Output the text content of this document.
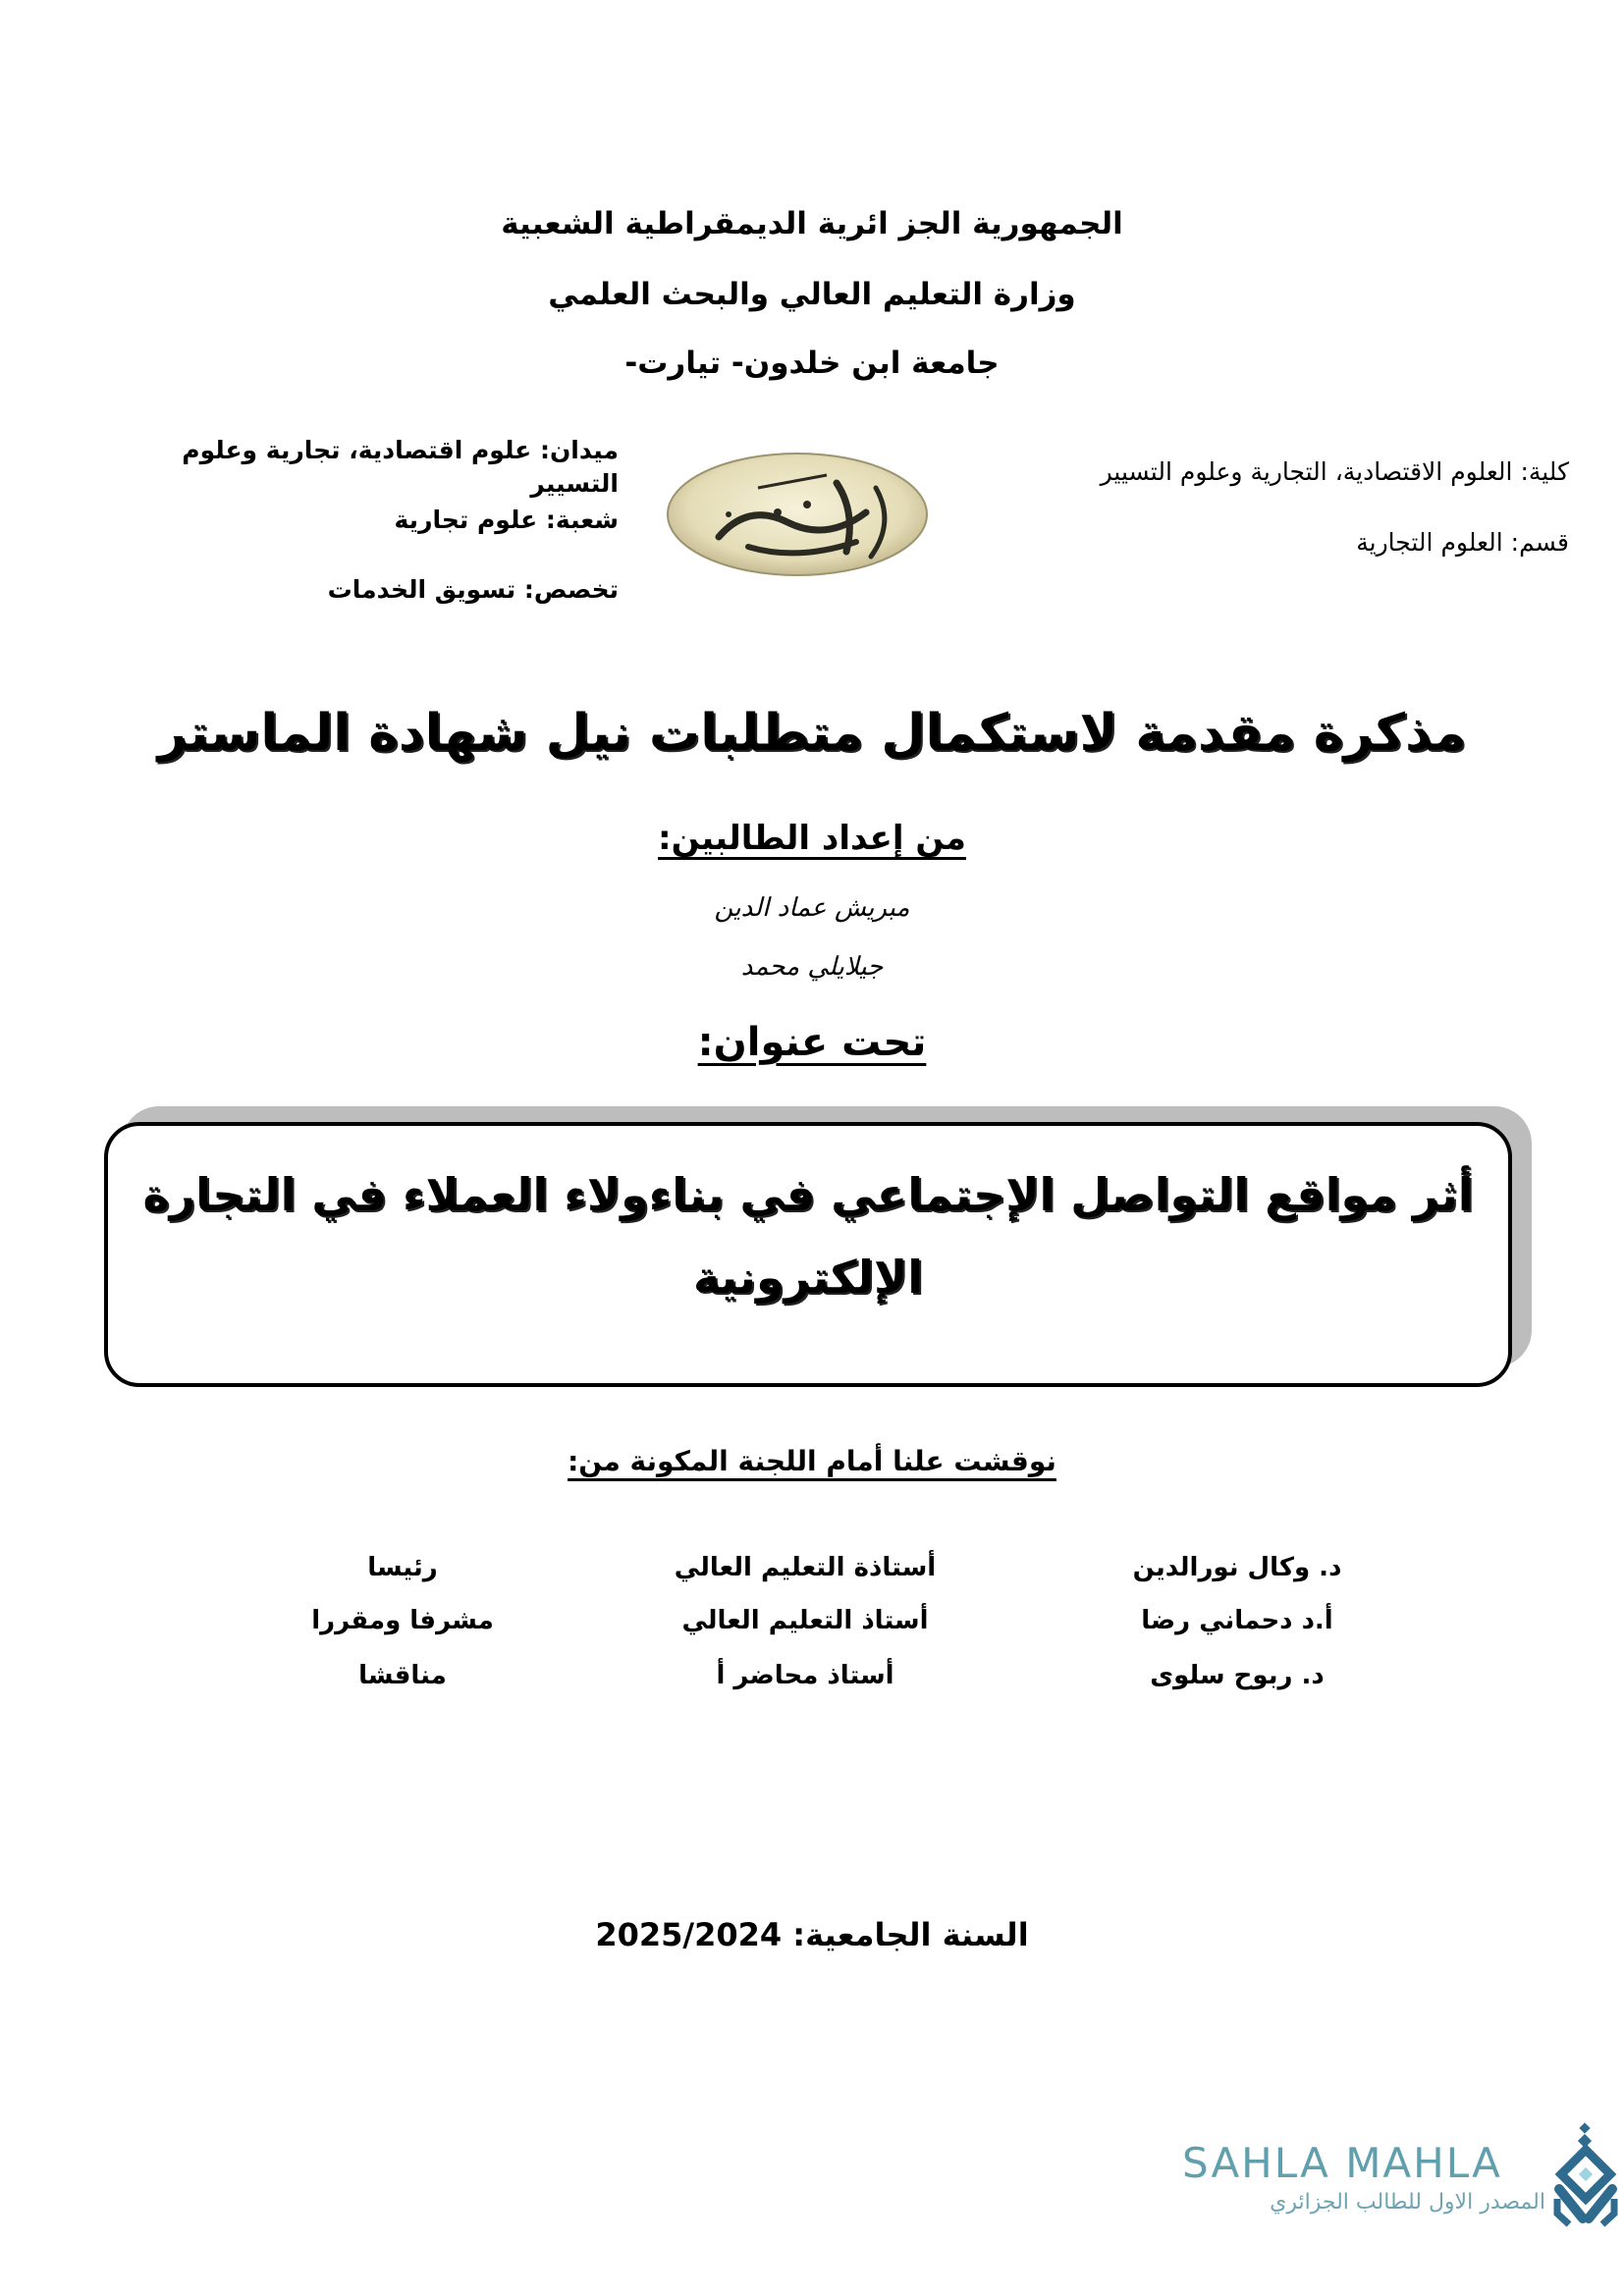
الجمهورية الجز ائرية الديمقراطية الشعبية
وزارة التعليم العالي والبحث العلمي
جامعة ابن خلدون- تيارت-
ميدان: علوم اقتصادية، تجارية وعلوم التسيير
شعبة: علوم تجارية
تخصص: تسويق الخدمات
كلية: العلوم الاقتصادية، التجارية وعلوم التسيير
قسم: العلوم التجارية
مذكرة مقدمة لاستكمال متطلبات نيل شهادة الماستر
من إعداد الطالبين:
مبريش عماد الدين
جيلايلي محمد
تحت عنوان:
أثر مواقع التواصل الإجتماعي في بناءولاء العملاء في التجارة
الإلكترونية
نوقشت علنا أمام اللجنة المكونة من:
د. وكال نورالدين
أستاذة التعليم العالي
رئيسا
أ.د دحماني رضا
أستاذ التعليم العالي
مشرفا ومقررا
د. ربوح سلوى
أستاذ محاضر أ
مناقشا
السنة الجامعية: 2025/2024
SAHLA MAHLA
المصدر الاول للطالب الجزائري
